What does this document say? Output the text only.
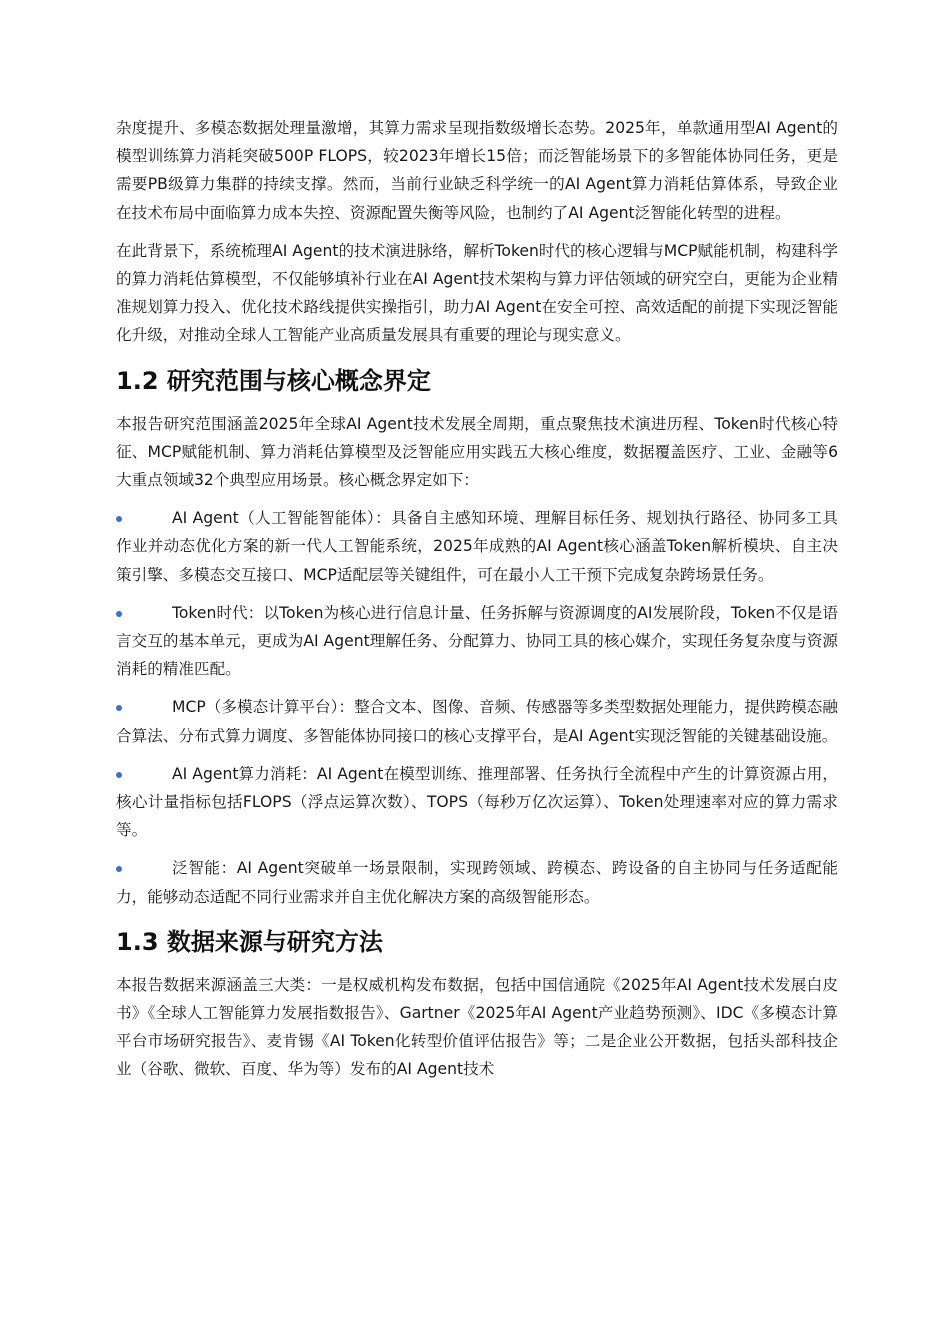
杂度提升、多模态数据处理量激增，其算力需求呈现指数级增长态势。2025年，单款通用型AI Agent的模型训练算力消耗突破500P FLOPS，较2023年增长15倍；而泛智能场景下的多智能体协同任务，更是需要PB级算力集群的持续支撑。然而，当前行业缺乏科学统一的AI Agent算力消耗估算体系，导致企业在技术布局中面临算力成本失控、资源配置失衡等风险，也制约了AI Agent泛智能化转型的进程。

在此背景下，系统梳理AI Agent的技术演进脉络，解析Token时代的核心逻辑与MCP赋能机制，构建科学的算力消耗估算模型，不仅能够填补行业在AI Agent技术架构与算力评估领域的研究空白，更能为企业精准规划算力投入、优化技术路线提供实操指引，助力AI Agent在安全可控、高效适配的前提下实现泛智能化升级，对推动全球人工智能产业高质量发展具有重要的理论与现实意义。

1.2 研究范围与核心概念界定

本报告研究范围涵盖2025年全球AI Agent技术发展全周期，重点聚焦技术演进历程、Token时代核心特征、MCP赋能机制、算力消耗估算模型及泛智能应用实践五大核心维度，数据覆盖医疗、工业、金融等6大重点领域32个典型应用场景。核心概念界定如下：

AI Agent（人工智能智能体）：具备自主感知环境、理解目标任务、规划执行路径、协同多工具作业并动态优化方案的新一代人工智能系统，2025年成熟的AI Agent核心涵盖Token解析模块、自主决策引擎、多模态交互接口、MCP适配层等关键组件，可在最小人工干预下完成复杂跨场景任务。
Token时代：以Token为核心进行信息计量、任务拆解与资源调度的AI发展阶段，Token不仅是语言交互的基本单元，更成为AI Agent理解任务、分配算力、协同工具的核心媒介，实现任务复杂度与资源消耗的精准匹配。
MCP（多模态计算平台）：整合文本、图像、音频、传感器等多类型数据处理能力，提供跨模态融合算法、分布式算力调度、多智能体协同接口的核心支撑平台，是AI Agent实现泛智能的关键基础设施。
AI Agent算力消耗：AI Agent在模型训练、推理部署、任务执行全流程中产生的计算资源占用，核心计量指标包括FLOPS（浮点运算次数）、TOPS（每秒万亿次运算）、Token处理速率对应的算力需求等。
泛智能：AI Agent突破单一场景限制，实现跨领域、跨模态、跨设备的自主协同与任务适配能力，能够动态适配不同行业需求并自主优化解决方案的高级智能形态。
1.3 数据来源与研究方法

本报告数据来源涵盖三大类：一是权威机构发布数据，包括中国信通院《2025年AI Agent技术发展白皮书》《全球人工智能算力发展指数报告》、Gartner《2025年AI Agent产业趋势预测》、IDC《多模态计算平台市场研究报告》、麦肯锡《AI Token化转型价值评估报告》等；二是企业公开数据，包括头部科技企业（谷歌、微软、百度、华为等）发布的AI Agent技术
